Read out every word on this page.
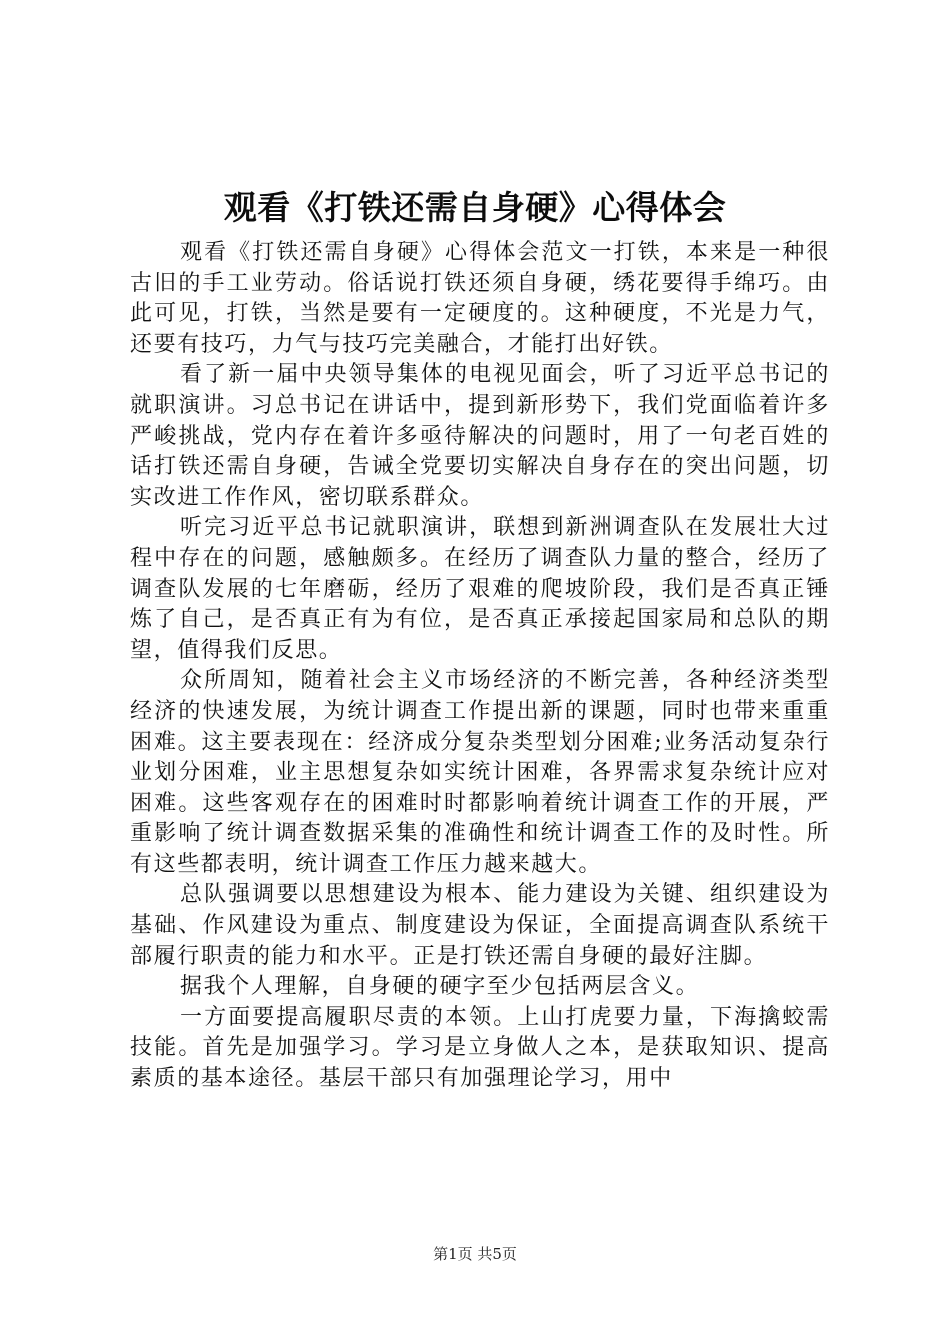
观看《打铁还需自身硬》心得体会

观看《打铁还需自身硬》心得体会范文一打铁，本来是一种很古旧的手工业劳动。俗话说打铁还须自身硬，绣花要得手绵巧。由此可见，打铁，当然是要有一定硬度的。这种硬度，不光是力气，还要有技巧，力气与技巧完美融合，才能打出好铁。

看了新一届中央领导集体的电视见面会，听了习近平总书记的就职演讲。习总书记在讲话中，提到新形势下，我们党面临着许多严峻挑战，党内存在着许多亟待解决的问题时，用了一句老百姓的话打铁还需自身硬，告诫全党要切实解决自身存在的突出问题，切实改进工作作风，密切联系群众。

听完习近平总书记就职演讲，联想到新洲调查队在发展壮大过程中存在的问题，感触颇多。在经历了调查队力量的整合，经历了调查队发展的七年磨砺，经历了艰难的爬坡阶段，我们是否真正锤炼了自己，是否真正有为有位，是否真正承接起国家局和总队的期望，值得我们反思。

众所周知，随着社会主义市场经济的不断完善，各种经济类型经济的快速发展，为统计调查工作提出新的课题，同时也带来重重困难。这主要表现在：经济成分复杂类型划分困难;业务活动复杂行业划分困难，业主思想复杂如实统计困难，各界需求复杂统计应对困难。这些客观存在的困难时时都影响着统计调查工作的开展，严重影响了统计调查数据采集的准确性和统计调查工作的及时性。所有这些都表明，统计调查工作压力越来越大。

总队强调要以思想建设为根本、能力建设为关键、组织建设为基础、作风建设为重点、制度建设为保证，全面提高调查队系统干部履行职责的能力和水平。正是打铁还需自身硬的最好注脚。

据我个人理解，自身硬的硬字至少包括两层含义。

一方面要提高履职尽责的本领。上山打虎要力量，下海擒蛟需技能。首先是加强学习。学习是立身做人之本，是获取知识、提高素质的基本途径。基层干部只有加强理论学习，用中

第1页 共5页
